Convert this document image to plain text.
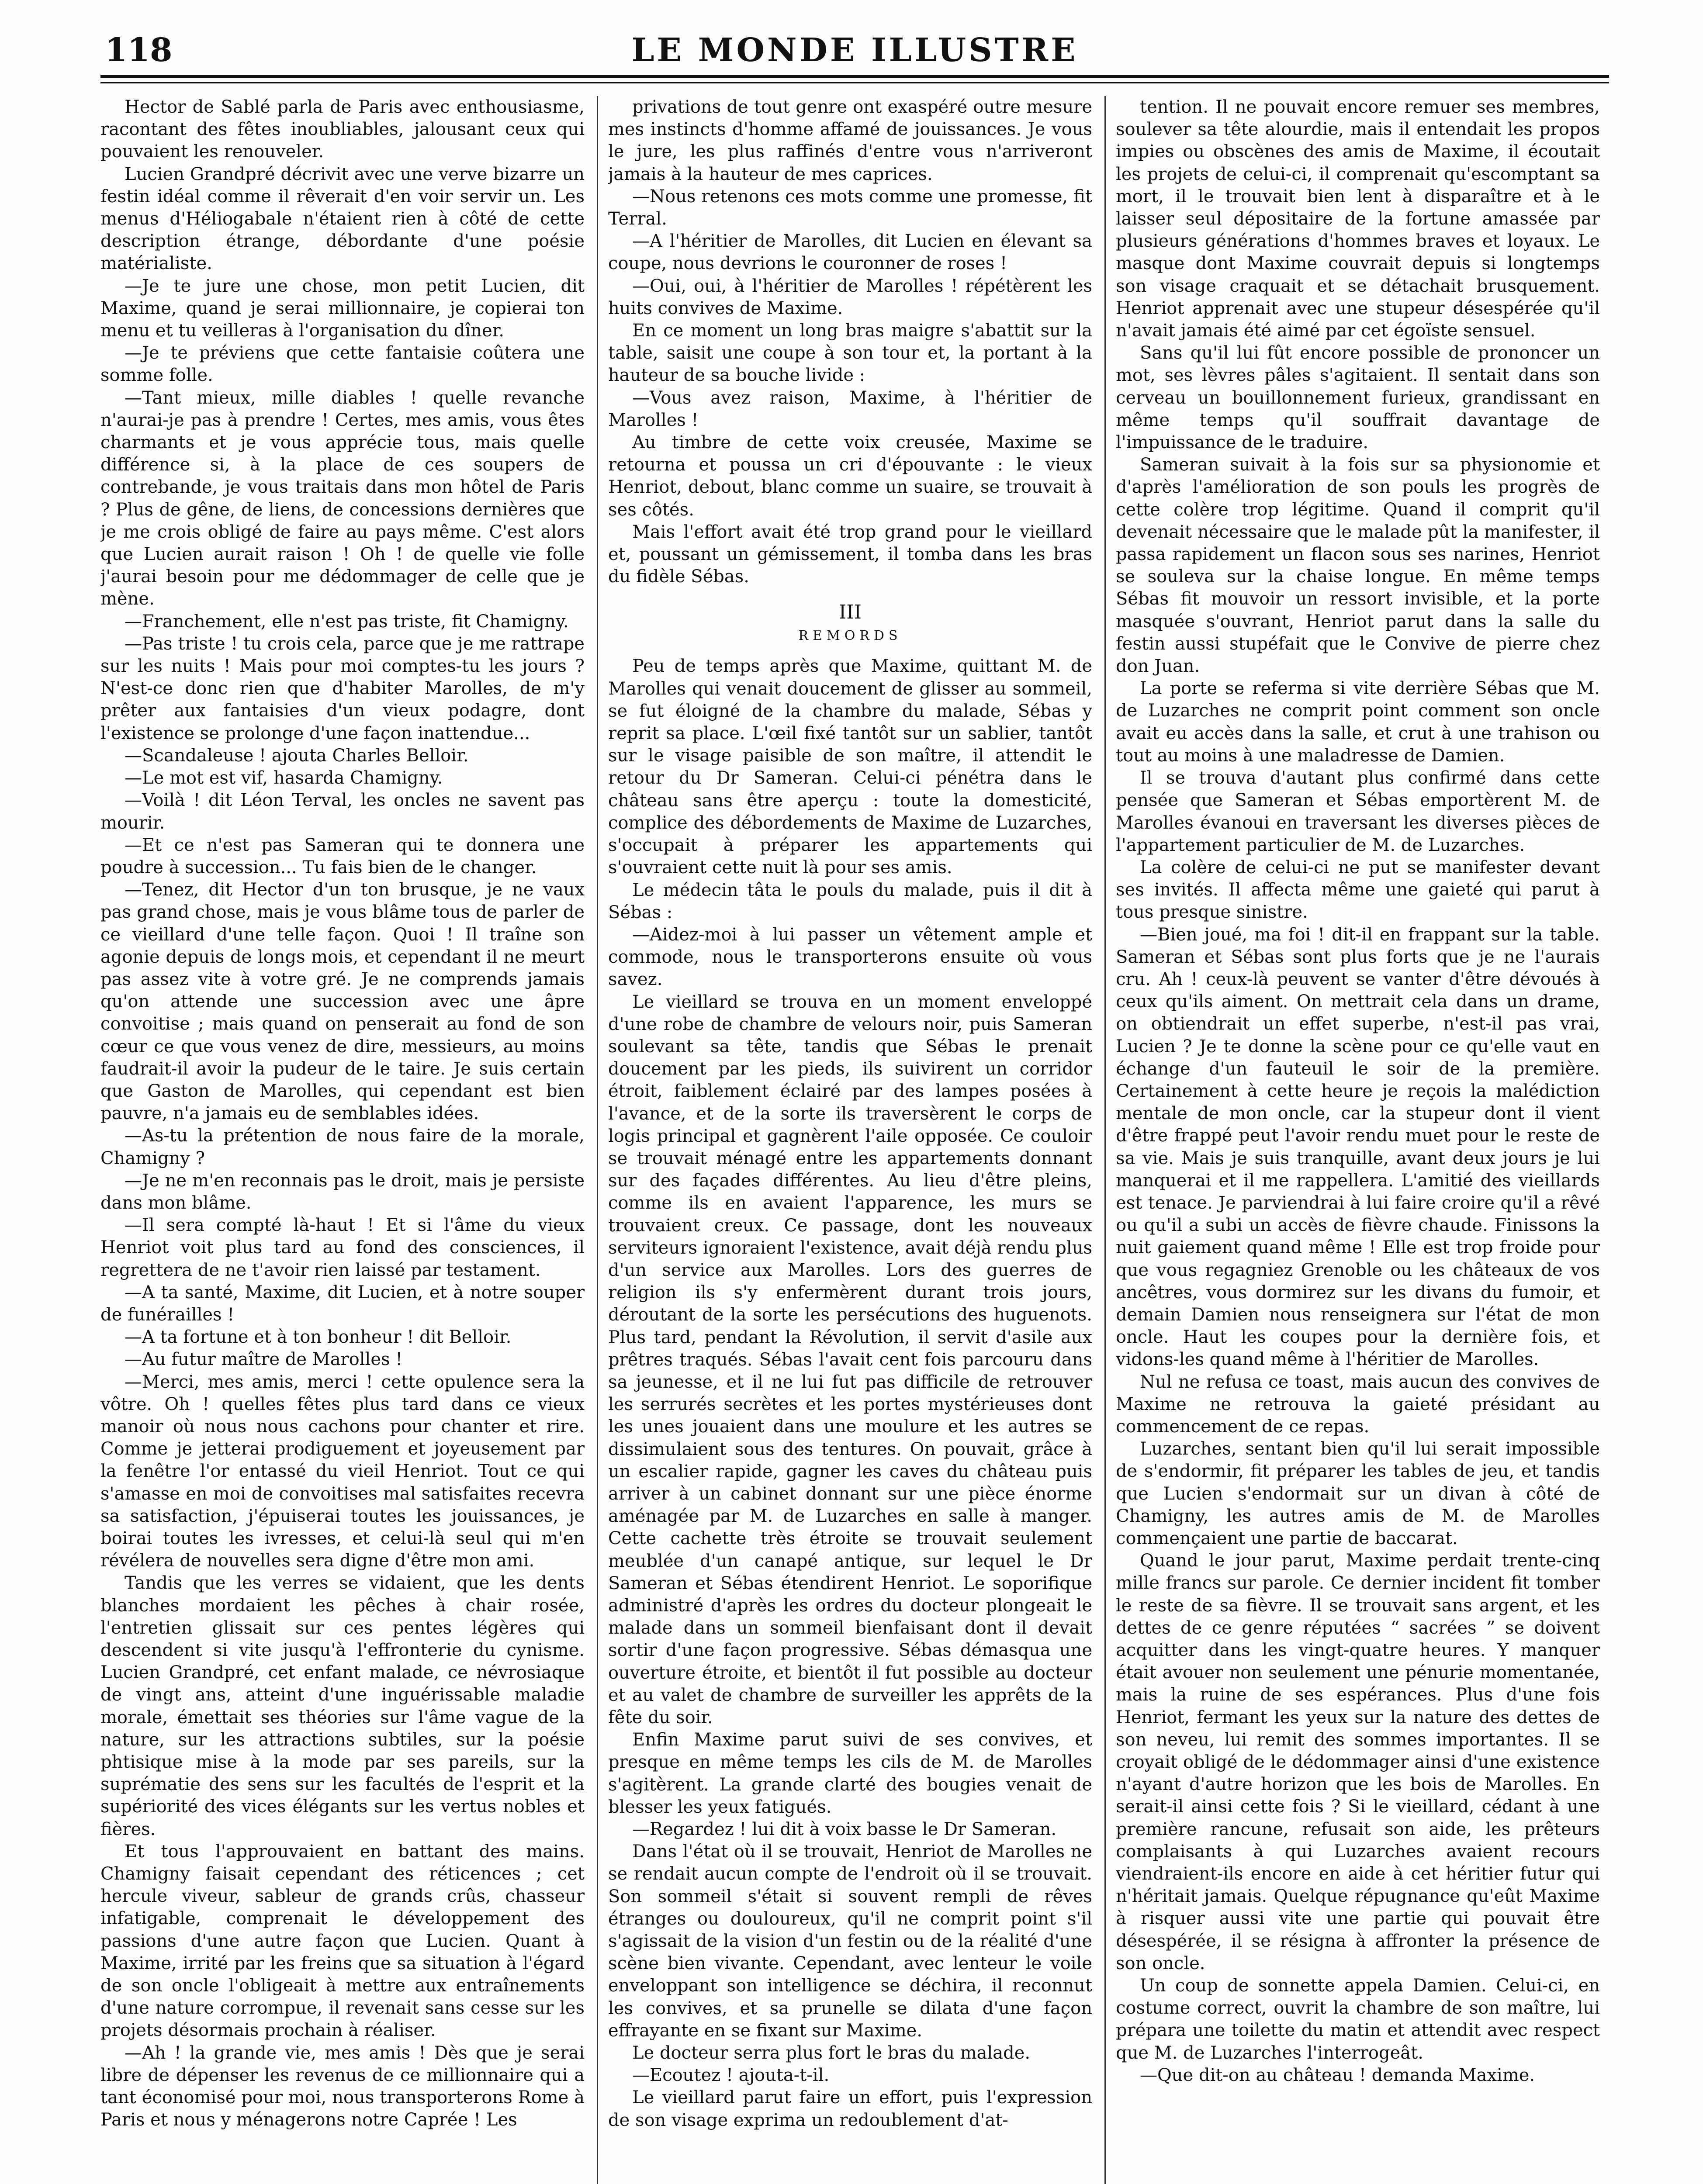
118	LE MONDE ILLUSTRE

Hector de Sablé parla de Paris avec enthousiasme, racontant des fêtes inoubliables, jalousant ceux qui pouvaient les renouveler.

Lucien Grandpré décrivit avec une verve bizarre un festin idéal comme il rêverait d'en voir servir un. Les menus d'Héliogabale n'étaient rien à côté de cette description étrange, débordante d'une poésie matérialiste.

—Je te jure une chose, mon petit Lucien, dit Maxime, quand je serai millionnaire, je copierai ton menu et tu veilleras à l'organisation du dîner.

—Je te préviens que cette fantaisie coûtera une somme folle.

—Tant mieux, mille diables ! quelle revanche n'aurai-je pas à prendre ! Certes, mes amis, vous êtes charmants et je vous apprécie tous, mais quelle différence si, à la place de ces soupers de contrebande, je vous traitais dans mon hôtel de Paris ? Plus de gêne, de liens, de concessions dernières que je me crois obligé de faire au pays même. C'est alors que Lucien aurait raison ! Oh ! de quelle vie folle j'aurai besoin pour me dédommager de celle que je mène.

—Franchement, elle n'est pas triste, fit Chamigny.

—Pas triste ! tu crois cela, parce que je me rattrape sur les nuits ! Mais pour moi comptes-tu les jours ? N'est-ce donc rien que d'habiter Marolles, de m'y prêter aux fantaisies d'un vieux podagre, dont l'existence se prolonge d'une façon inattendue...

—Scandaleuse ! ajouta Charles Belloir.

—Le mot est vif, hasarda Chamigny.

—Voilà ! dit Léon Terval, les oncles ne savent pas mourir.

—Et ce n'est pas Sameran qui te donnera une poudre à succession... Tu fais bien de le changer.

—Tenez, dit Hector d'un ton brusque, je ne vaux pas grand chose, mais je vous blâme tous de parler de ce vieillard d'une telle façon. Quoi ! Il traîne son agonie depuis de longs mois, et cependant il ne meurt pas assez vite à votre gré. Je ne comprends jamais qu'on attende une succession avec une âpre convoitise ; mais quand on penserait au fond de son cœur ce que vous venez de dire, messieurs, au moins faudrait-il avoir la pudeur de le taire. Je suis certain que Gaston de Marolles, qui cependant est bien pauvre, n'a jamais eu de semblables idées.

—As-tu la prétention de nous faire de la morale, Chamigny ?

—Je ne m'en reconnais pas le droit, mais je persiste dans mon blâme.

—Il sera compté là-haut ! Et si l'âme du vieux Henriot voit plus tard au fond des consciences, il regrettera de ne t'avoir rien laissé par testament.

—A ta santé, Maxime, dit Lucien, et à notre souper de funérailles !

—A ta fortune et à ton bonheur ! dit Belloir.

—Au futur maître de Marolles !

—Merci, mes amis, merci ! cette opulence sera la vôtre. Oh ! quelles fêtes plus tard dans ce vieux manoir où nous nous cachons pour chanter et rire. Comme je jetterai prodiguement et joyeusement par la fenêtre l'or entassé du vieil Henriot. Tout ce qui s'amasse en moi de convoitises mal satisfaites recevra sa satisfaction, j'épuiserai toutes les jouissances, je boirai toutes les ivresses, et celui-là seul qui m'en révélera de nouvelles sera digne d'être mon ami.

Tandis que les verres se vidaient, que les dents blanches mordaient les pêches à chair rosée, l'entretien glissait sur ces pentes légères qui descendent si vite jusqu'à l'effronterie du cynisme. Lucien Grandpré, cet enfant malade, ce névrosiaque de vingt ans, atteint d'une inguérissable maladie morale, émettait ses théories sur l'âme vague de la nature, sur les attractions subtiles, sur la poésie phtisique mise à la mode par ses pareils, sur la suprématie des sens sur les facultés de l'esprit et la supériorité des vices élégants sur les vertus nobles et fières.

Et tous l'approuvaient en battant des mains. Chamigny faisait cependant des réticences ; cet hercule viveur, sableur de grands crûs, chasseur infatigable, comprenait le développement des passions d'une autre façon que Lucien. Quant à Maxime, irrité par les freins que sa situation à l'égard de son oncle l'obligeait à mettre aux entraînements d'une nature corrompue, il revenait sans cesse sur les projets désormais prochain à réaliser.

—Ah ! la grande vie, mes amis ! Dès que je serai libre de dépenser les revenus de ce millionnaire qui a tant économisé pour moi, nous transporterons Rome à Paris et nous y ménagerons notre Caprée ! Les

privations de tout genre ont exaspéré outre mesure mes instincts d'homme affamé de jouissances. Je vous le jure, les plus raffinés d'entre vous n'arriveront jamais à la hauteur de mes caprices.

—Nous retenons ces mots comme une promesse, fit Terral.

—A l'héritier de Marolles, dit Lucien en élevant sa coupe, nous devrions le couronner de roses !

—Oui, oui, à l'héritier de Marolles ! répétèrent les huits convives de Maxime.

En ce moment un long bras maigre s'abattit sur la table, saisit une coupe à son tour et, la portant à la hauteur de sa bouche livide :

—Vous avez raison, Maxime, à l'héritier de Marolles !

Au timbre de cette voix creusée, Maxime se retourna et poussa un cri d'épouvante : le vieux Henriot, debout, blanc comme un suaire, se trouvait à ses côtés.

Mais l'effort avait été trop grand pour le vieillard et, poussant un gémissement, il tomba dans les bras du fidèle Sébas.

III
REMORDS

Peu de temps après que Maxime, quittant M. de Marolles qui venait doucement de glisser au sommeil, se fut éloigné de la chambre du malade, Sébas y reprit sa place. L'œil fixé tantôt sur un sablier, tantôt sur le visage paisible de son maître, il attendit le retour du Dr Sameran. Celui-ci pénétra dans le château sans être aperçu : toute la domesticité, complice des débordements de Maxime de Luzarches, s'occupait à préparer les appartements qui s'ouvraient cette nuit là pour ses amis.

Le médecin tâta le pouls du malade, puis il dit à Sébas :

—Aidez-moi à lui passer un vêtement ample et commode, nous le transporterons ensuite où vous savez.

Le vieillard se trouva en un moment enveloppé d'une robe de chambre de velours noir, puis Sameran soulevant sa tête, tandis que Sébas le prenait doucement par les pieds, ils suivirent un corridor étroit, faiblement éclairé par des lampes posées à l'avance, et de la sorte ils traversèrent le corps de logis principal et gagnèrent l'aile opposée. Ce couloir se trouvait ménagé entre les appartements donnant sur des façades différentes. Au lieu d'être pleins, comme ils en avaient l'apparence, les murs se trouvaient creux. Ce passage, dont les nouveaux serviteurs ignoraient l'existence, avait déjà rendu plus d'un service aux Marolles. Lors des guerres de religion ils s'y enfermèrent durant trois jours, déroutant de la sorte les persécutions des huguenots. Plus tard, pendant la Révolution, il servit d'asile aux prêtres traqués. Sébas l'avait cent fois parcouru dans sa jeunesse, et il ne lui fut pas difficile de retrouver les serrurés secrètes et les portes mystérieuses dont les unes jouaient dans une moulure et les autres se dissimulaient sous des tentures. On pouvait, grâce à un escalier rapide, gagner les caves du château puis arriver à un cabinet donnant sur une pièce énorme aménagée par M. de Luzarches en salle à manger. Cette cachette très étroite se trouvait seulement meublée d'un canapé antique, sur lequel le Dr Sameran et Sébas étendirent Henriot. Le soporifique administré d'après les ordres du docteur plongeait le malade dans un sommeil bienfaisant dont il devait sortir d'une façon progressive. Sébas démasqua une ouverture étroite, et bientôt il fut possible au docteur et au valet de chambre de surveiller les apprêts de la fête du soir.

Enfin Maxime parut suivi de ses convives, et presque en même temps les cils de M. de Marolles s'agitèrent. La grande clarté des bougies venait de blesser les yeux fatigués.

—Regardez ! lui dit à voix basse le Dr Sameran.

Dans l'état où il se trouvait, Henriot de Marolles ne se rendait aucun compte de l'endroit où il se trouvait. Son sommeil s'était si souvent rempli de rêves étranges ou douloureux, qu'il ne comprit point s'il s'agissait de la vision d'un festin ou de la réalité d'une scène bien vivante. Cependant, avec lenteur le voile enveloppant son intelligence se déchira, il reconnut les convives, et sa prunelle se dilata d'une façon effrayante en se fixant sur Maxime.

Le docteur serra plus fort le bras du malade.

—Ecoutez ! ajouta-t-il.

Le vieillard parut faire un effort, puis l'expression de son visage exprima un redoublement d'at-

tention. Il ne pouvait encore remuer ses membres, soulever sa tête alourdie, mais il entendait les propos impies ou obscènes des amis de Maxime, il écoutait les projets de celui-ci, il comprenait qu'escomptant sa mort, il le trouvait bien lent à disparaître et à le laisser seul dépositaire de la fortune amassée par plusieurs générations d'hommes braves et loyaux. Le masque dont Maxime couvrait depuis si longtemps son visage craquait et se détachait brusquement. Henriot apprenait avec une stupeur désespérée qu'il n'avait jamais été aimé par cet égoïste sensuel.

Sans qu'il lui fût encore possible de prononcer un mot, ses lèvres pâles s'agitaient. Il sentait dans son cerveau un bouillonnement furieux, grandissant en même temps qu'il souffrait davantage de l'impuissance de le traduire.

Sameran suivait à la fois sur sa physionomie et d'après l'amélioration de son pouls les progrès de cette colère trop légitime. Quand il comprit qu'il devenait nécessaire que le malade pût la manifester, il passa rapidement un flacon sous ses narines, Henriot se souleva sur la chaise longue. En même temps Sébas fit mouvoir un ressort invisible, et la porte masquée s'ouvrant, Henriot parut dans la salle du festin aussi stupéfait que le Convive de pierre chez don Juan.

La porte se referma si vite derrière Sébas que M. de Luzarches ne comprit point comment son oncle avait eu accès dans la salle, et crut à une trahison ou tout au moins à une maladresse de Damien.

Il se trouva d'autant plus confirmé dans cette pensée que Sameran et Sébas emportèrent M. de Marolles évanoui en traversant les diverses pièces de l'appartement particulier de M. de Luzarches.

La colère de celui-ci ne put se manifester devant ses invités. Il affecta même une gaieté qui parut à tous presque sinistre.

—Bien joué, ma foi ! dit-il en frappant sur la table. Sameran et Sébas sont plus forts que je ne l'aurais cru. Ah ! ceux-là peuvent se vanter d'être dévoués à ceux qu'ils aiment. On mettrait cela dans un drame, on obtiendrait un effet superbe, n'est-il pas vrai, Lucien ? Je te donne la scène pour ce qu'elle vaut en échange d'un fauteuil le soir de la première. Certainement à cette heure je reçois la malédiction mentale de mon oncle, car la stupeur dont il vient d'être frappé peut l'avoir rendu muet pour le reste de sa vie. Mais je suis tranquille, avant deux jours je lui manquerai et il me rappellera. L'amitié des vieillards est tenace. Je parviendrai à lui faire croire qu'il a rêvé ou qu'il a subi un accès de fièvre chaude. Finissons la nuit gaiement quand même ! Elle est trop froide pour que vous regagniez Grenoble ou les châteaux de vos ancêtres, vous dormirez sur les divans du fumoir, et demain Damien nous renseignera sur l'état de mon oncle. Haut les coupes pour la dernière fois, et vidons-les quand même à l'héritier de Marolles.

Nul ne refusa ce toast, mais aucun des convives de Maxime ne retrouva la gaieté présidant au commencement de ce repas.

Luzarches, sentant bien qu'il lui serait impossible de s'endormir, fit préparer les tables de jeu, et tandis que Lucien s'endormait sur un divan à côté de Chamigny, les autres amis de M. de Marolles commençaient une partie de baccarat.

Quand le jour parut, Maxime perdait trente-cinq mille francs sur parole. Ce dernier incident fit tomber le reste de sa fièvre. Il se trouvait sans argent, et les dettes de ce genre réputées “ sacrées ” se doivent acquitter dans les vingt-quatre heures. Y manquer était avouer non seulement une pénurie momentanée, mais la ruine de ses espérances. Plus d'une fois Henriot, fermant les yeux sur la nature des dettes de son neveu, lui remit des sommes importantes. Il se croyait obligé de le dédommager ainsi d'une existence n'ayant d'autre horizon que les bois de Marolles. En serait-il ainsi cette fois ? Si le vieillard, cédant à une première rancune, refusait son aide, les prêteurs complaisants à qui Luzarches avaient recours viendraient-ils encore en aide à cet héritier futur qui n'héritait jamais. Quelque répugnance qu'eût Maxime à risquer aussi vite une partie qui pouvait être désespérée, il se résigna à affronter la présence de son oncle.

Un coup de sonnette appela Damien. Celui-ci, en costume correct, ouvrit la chambre de son maître, lui prépara une toilette du matin et attendit avec respect que M. de Luzarches l'interrogeât.

—Que dit-on au château ! demanda Maxime.
